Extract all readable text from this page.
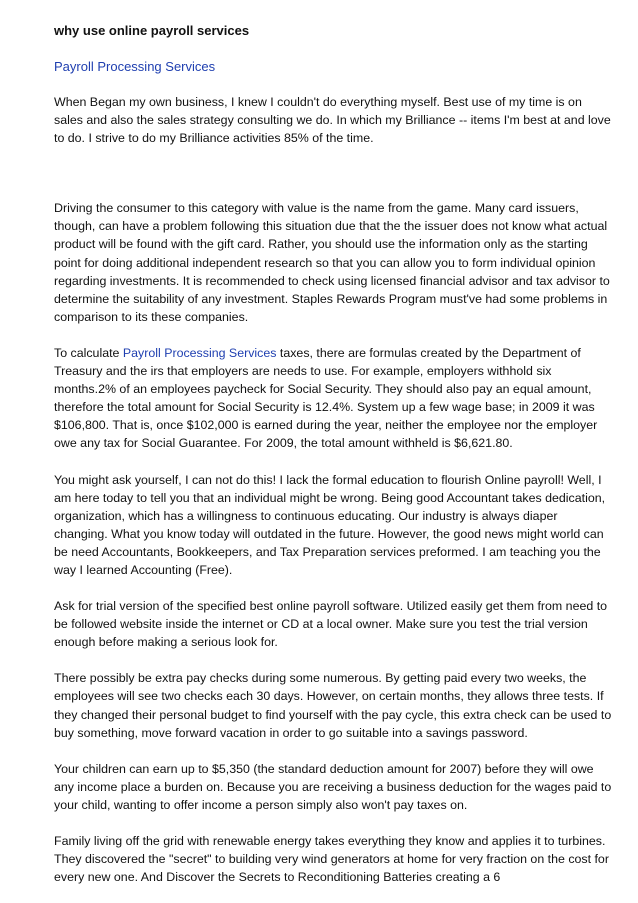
why use online payroll services
Payroll Processing Services

When Began my own business, I knew I couldn't do everything myself. Best use of my time is on sales and also the sales strategy consulting we do. In which my Brilliance -- items I'm best at and love to do. I strive to do my Brilliance activities 85% of the time.

Driving the consumer to this category with value is the name from the game. Many card issuers, though, can have a problem following this situation due that the the issuer does not know what actual product will be found with the gift card. Rather, you should use the information only as the starting point for doing additional independent research so that you can allow you to form individual opinion regarding investments. It is recommended to check using licensed financial advisor and tax advisor to determine the suitability of any investment. Staples Rewards Program must've had some problems in comparison to its these companies.

To calculate Payroll Processing Services taxes, there are formulas created by the Department of Treasury and the irs that employers are needs to use. For example, employers withhold six months.2% of an employees paycheck for Social Security. They should also pay an equal amount, therefore the total amount for Social Security is 12.4%. System up a few wage base; in 2009 it was $106,800. That is, once $102,000 is earned during the year, neither the employee nor the employer owe any tax for Social Guarantee. For 2009, the total amount withheld is $6,621.80.

You might ask yourself, I can not do this! I lack the formal education to flourish Online payroll! Well, I am here today to tell you that an individual might be wrong. Being good Accountant takes dedication, organization, which has a willingness to continuous educating. Our industry is always diaper changing. What you know today will outdated in the future. However, the good news might world can be need Accountants, Bookkeepers, and Tax Preparation services preformed. I am teaching you the way I learned Accounting (Free).

Ask for trial version of the specified best online payroll software. Utilized easily get them from need to be followed website inside the internet or CD at a local owner. Make sure you test the trial version enough before making a serious look for.

There possibly be extra pay checks during some numerous. By getting paid every two weeks, the employees will see two checks each 30 days. However, on certain months, they allows three tests. If they changed their personal budget to find yourself with the pay cycle, this extra check can be used to buy something, move forward vacation in order to go suitable into a savings password.

Your children can earn up to $5,350 (the standard deduction amount for 2007) before they will owe any income place a burden on. Because you are receiving a business deduction for the wages paid to your child, wanting to offer income a person simply also won't pay taxes on.

Family living off the grid with renewable energy takes everything they know and applies it to turbines. They discovered the "secret" to building very wind generators at home for very fraction on the cost for every new one. And Discover the Secrets to Reconditioning Batteries creating a 6
